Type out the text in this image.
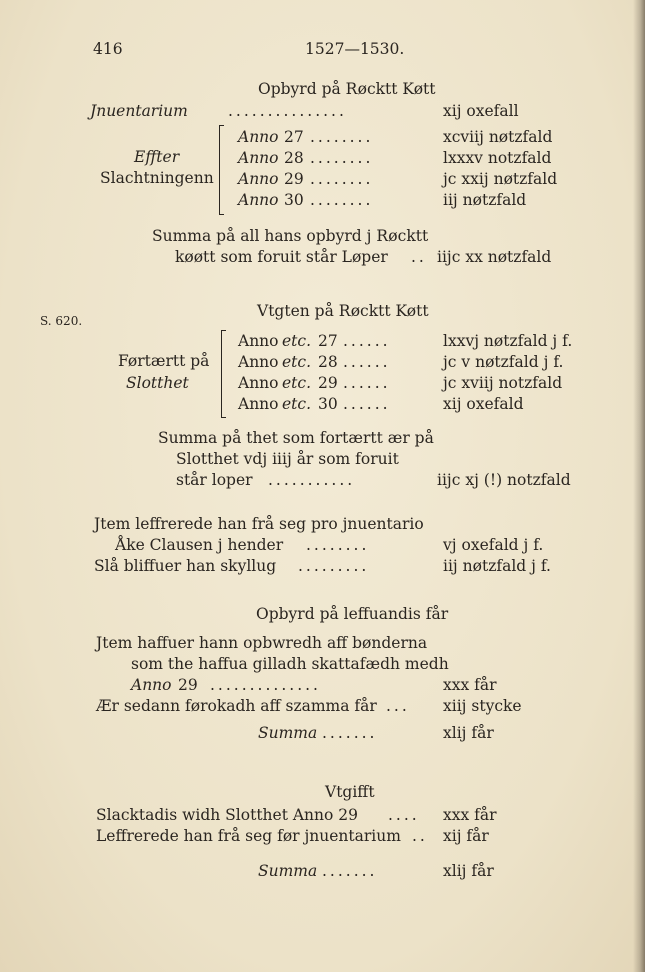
416	1527—1530.
Opbyrd på Røcktt Køtt
Jnuentarium	...............	xij oxefall
Effter
Slachtningenn
Anno 27 ........	xcviij nøtzfald
Anno 28 ........	lxxxv notzfald
Anno 29 ........	jc xxij nøtzfald
Anno 30 ........	iij nøtzfald
Summa på all hans opbyrd j Røcktt
køøtt som foruit står Løper .. iijc xx nøtzfald
S. 620.
Vtgten på Røcktt Køtt
Førtærtt på
Slotthet
Anno etc. 27 ......	lxxvj nøtzfald j f.
Anno etc. 28 ......	jc v nøtzfald j f.
Anno etc. 29 ......	jc xviij notzfald
Anno etc. 30 ......	xij oxefald
Summa på thet som fortærtt ær på
Slotthet vdj iiij år som foruit
står loper ...........	iijc xj (!) notzfald
Jtem leffrerede han frå seg pro jnuentario
Åke Clausen j hender ........	vj oxefald j f.
Slå bliffuer han skyllug .........	iij nøtzfald j f.
Opbyrd på leffuandis får
Jtem haffuer hann opbwredh aff bønderna
som the haffua gilladh skattafædh medh
Anno 29 ..............	xxx får
Ær sedann førokadh aff szamma får ... xiij stycke
Summa .......	xlij får
Vtgifft
Slacktadis widh Slotthet Anno 29 .... xxx får
Leffrerede han frå seg før jnuentarium .. xij får
Summa .......	xlij får
